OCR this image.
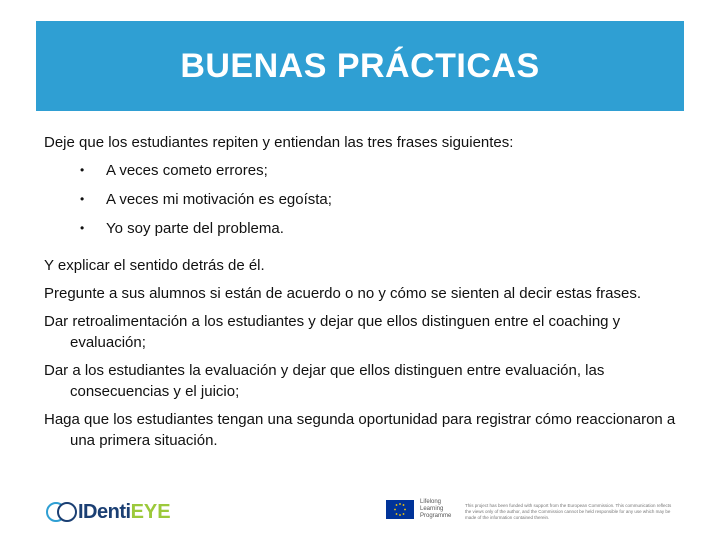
BUENAS PRÁCTICAS

Deje que los estudiantes repiten y entiendan las tres frases siguientes:

• A veces cometo errores;
• A veces mi motivación es egoísta;
• Yo soy parte del problema.

Y explicar el sentido detrás de él.

Pregunte a sus alumnos si están de acuerdo o no y cómo se sienten al decir estas frases.

Dar retroalimentación a los estudiantes y dejar que ellos distinguen entre el coaching y evaluación;

Dar a los estudiantes la evaluación y dejar que ellos distinguen entre evaluación, las consecuencias y el juicio;

Haga que los estudiantes tengan una segunda oportunidad para registrar cómo reaccionaron a una primera situación.

IDentiEYE	Lifelong Learning Programme
This project has been funded with support from the European Commission. This communication reflects the views only of the author, and the Commission cannot be held responsible for any use which may be made of the information contained therein.
